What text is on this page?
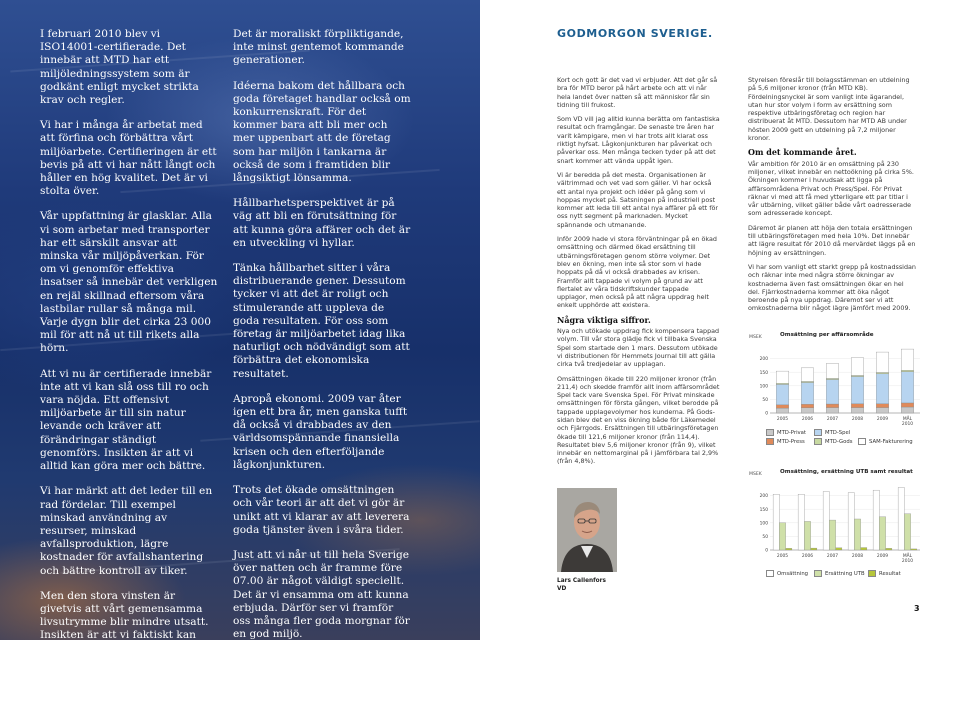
I februari 2010 blev vi ISO14001-certifierade. Det innebär att MTD har ett miljöledningssystem som är godkänt enligt mycket strikta krav och regler.

Vi har i många år arbetat med att förfina och förbättra vårt miljöarbete. Certifieringen är ett bevis på att vi har nått långt och håller en hög kvalitet. Det är vi stolta över.

Vår uppfattning är glasklar. Alla vi som arbetar med transporter har ett särskilt ansvar att minska vår miljöpåverkan. För om vi genomför effektiva insatser så innebär det verkligen en rejäl skillnad eftersom våra lastbilar rullar så många mil. Varje dygn blir det cirka 23 000 mil för att nå ut till rikets alla hörn.

Att vi nu är certifierade innebär inte att vi kan slå oss till ro och vara nöjda. Ett offensivt miljöarbete är till sin natur levande och kräver att förändringar ständigt genomförs. Insikten är att vi alltid kan göra mer och bättre.

Vi har märkt att det leder till en rad fördelar. Till exempel minskad användning av resurser, minskad avfallsproduktion, lägre kostnader för avfallshantering och bättre kontroll av tiker.

Men den stora vinsten är givetvis att vårt gemensamma livsutrymme blir mindre utsatt. Insikten är att vi faktiskt kan göra något åt klimatproblemen. Inget enskilt företag kan rädda planeten men om fler och fler ansträngar sig så kan vi vända utvecklingen.

Det är moraliskt förpliktigande, inte minst gentemot kommande generationer.

Idéerna bakom det hållbara och goda företaget handlar också om konkurrenskraft. För det kommer bara att bli mer och mer uppenbart att de företag som har miljön i tankarna är också de som i framtiden blir långsiktigt lönsamma.

Hållbarhetsperspektivet är på väg att bli en förutsättning för att kunna göra affärer och det är en utveckling vi hyllar.

Tänka hållbarhet sitter i våra distribuerande gener. Dessutom tycker vi att det är roligt och stimulerande att uppleva de goda resultaten. För oss som företag är miljöarbetet idag lika naturligt och nödvändigt som att förbättra det ekonomiska resultatet.

Apropå ekonomi. 2009 var åter igen ett bra år, men ganska tufft då också vi drabbades av den världsomspännande finansiella krisen och den efterföljande lågkonjunkturen.

Trots det ökade omsättningen och vår teori är att det vi gör är unikt att vi klarar av att leverera goda tjänster även i svåra tider.

Just att vi når ut till hela Sverige över natten och är framme före 07.00 är något väldigt speciellt. Det är vi ensamma om att kunna erbjuda. Därför ser vi framför oss många fler goda morgnar för en god miljö.

GODMORGON SVERIGE.

Kort och gott är det vad vi erbjuder. Att det går så bra för MTD beror på hårt arbete och att vi når hela landet över natten så att människor får sin tidning till frukost.

Som VD vill jag alltid kunna berätta om fantastiska resultat och framgångar. De senaste tre åren har varit kämpigare, men vi har trots allt klarat oss riktigt hyfsat. Lågkonjunkturen har påverkat och påverkar oss. Men många tecken tyder på att det snart kommer att vända uppåt igen.

Vi är beredda på det mesta. Organisationen är vältrimmad och vet vad som gäller. Vi har också ett antal nya projekt och idéer på gång som vi hoppas mycket på. Satsningen på industriell post kommer att leda till ett antal nya affärer på ett för oss nytt segment på marknaden. Mycket spännande och utmanande.

Inför 2009 hade vi stora förväntningar på en ökad omsättning och därmed ökad ersättning till utbärningsföretagen genom större volymer. Det blev en ökning, men inte så stor som vi hade hoppats på då vi också drabbades av krisen. Framför allt tappade vi volym på grund av att flertalet av våra tidskriftskunder tappade upplagor, men också på att några uppdrag helt enkelt upphörde att existera.

Några viktiga siffror.

Nya och utökade uppdrag fick kompensera tappad volym. Till vår stora glädje fick vi tillbaka Svenska Spel som startade den 1 mars. Dessutom utökade vi distributionen för Hemmets Journal till att gälla cirka två tredjedelar av upplagan.

Omsättningen ökade till 220 miljoner kronor (från 211,4) och skedde framför allt inom affärsområdet Spel tack vare Svenska Spel. För Privat minskade omsättningen för första gången, vilket berodde på tappade upplagevolymer hos kunderna. På Gods-sidan blev det en viss ökning både för Läkemedel och Fjärrgods. Ersättningen till utbäringsföretagen ökade till 121,6 miljoner kronor (från 114,4). Resultatet blev 5,6 miljoner kronor (från 9), vilket innebär en nettomarginal på i jämförbara tal 2,9% (från 4,8%).

Styrelsen föreslår till bolagsstämman en utdelning på 5,6 miljoner kronor (från MTD KB). Fördelningsnyckel är som vanligt inte ägarandel, utan hur stor volym i form av ersättning som respektive utbäringsföretag och region har distribuerat åt MTD. Dessutom har MTD AB under hösten 2009 gett en utdelning på 7,2 miljoner kronor.

Om det kommande året.

Vår ambition för 2010 är en omsättning på 230 miljoner, vilket innebär en nettoökning på cirka 5%. Ökningen kommer i huvudsak att ligga på affärsområdena Privat och Press/Spel. För Privat räknar vi med att få med ytterligare ett par titlar i vår utbärning, vilket gäller både vårt oadresserade som adresserade koncept.

Däremot är planen att höja den totala ersättningen till utbäringsföretagen med hela 10%. Det innebär att lägre resultat för 2010 då mervärdet läggs på en höjning av ersättningen.

Vi har som vanligt ett starkt grepp på kostnadssidan och räknar inte med några större ökningar av kostnaderna även fast omsättningen ökar en hel del. Fjärrkostnaderna kommer att öka något beroende på nya uppdrag. Däremot ser vi att omkostnaderna blir något lägre jämfört med 2009.

Lars Callenfors
VD
MSEK	Omsättning per affärsområde
0
50
100
150
200
2005	2006	2007	2008	2009	MÅL
2010
MTD-Privat	MTD-Spel
MTD-Press	MTD-Gods	SAM-Fakturering
MSEK	Omsättning, ersättning UTB samt resultat
0
50
100
150
200
2005	2006	2007	2008	2009	MÅL
2010
Omsättning	Ersättning UTB	Resultat
3
